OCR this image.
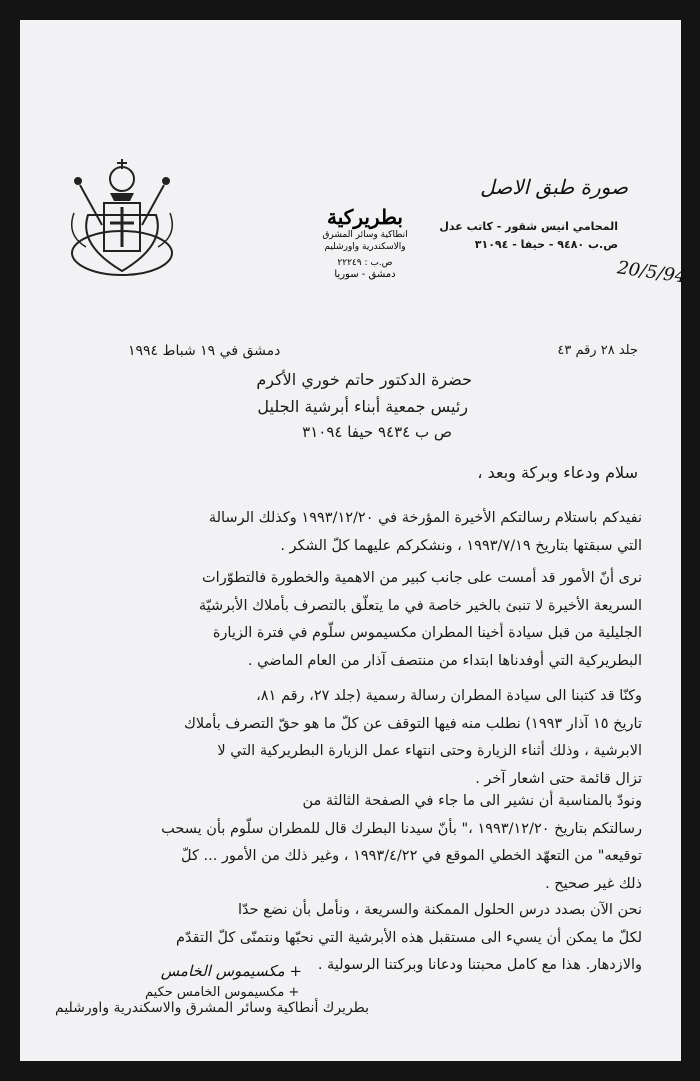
صورة طبق الاصل
20/5/94
المحامي انيس شقور - كاتب عدل
ص.ب ٩٤٨٠ - حيفا - ٣١٠٩٤
بطريركية
انطاكية وسائر المشرق
والاسكندرية واورشليم
ص.ب : ٢٢٢٤٩
دمشق - سوريا
دمشق في ١٩ شباط ١٩٩٤	جلد ٢٨ رقم ٤٣
حضرة الدكتور حاتم خوري الأكرم
رئيس جمعية أبناء أبرشية الجليل
ص ب ٩٤٣٤ حيفا ٣١٠٩٤
سلام ودعاء وبركة وبعد ،
نفيدكم باستلام رسالتكم الأخيرة المؤرخة في ١٩٩٣/١٢/٢٠ وكذلك الرسالة
التي سبقتها بتاريخ ١٩٩٣/٧/١٩ ، ونشكركم عليهما كلّ الشكر .
نرى أنّ الأمور قد أمست على جانب كبير من الاهمية والخطورة فالتطوّرات
السريعة الأخيرة لا تنبئ بالخير خاصة في ما يتعلّق بالتصرف بأملاك الأبرشيّة
الجليلية من قبل سيادة أخينا المطران مكسيموس سلّوم في فترة الزيارة
البطريركية التي أوفدناها ابتداء من منتصف آذار من العام الماضي .
وكنّا قد كتبنا الى سيادة المطران رسالة رسمية (جلد ٢٧، رقم ٨١،
تاريخ ١٥ آذار ١٩٩٣) نطلب منه فيها التوقف عن كلّ ما هو حقّ التصرف بأملاك
الابرشية ، وذلك أثناء الزيارة وحتى انتهاء عمل الزيارة البطريركية التي لا
تزال قائمة حتى اشعار آخر .
ونودّ بالمناسبة أن نشير الى ما جاء في الصفحة الثالثة من
رسالتكم بتاريخ ١٩٩٣/١٢/٢٠ ،" بأنّ سيدنا البطرك قال للمطران سلّوم بأن يسحب
توقيعه" من التعهّد الخطي الموقع في ١٩٩٣/٤/٢٢ ، وغير ذلك من الأمور ... كلّ
ذلك غير صحيح .
نحن الآن بصدد درس الحلول الممكنة والسريعة ، ونأمل بأن نضع حدّا
لكلّ ما يمكن أن يسيء الى مستقبل هذه الأبرشية التي نحبّها ونتمنّى كلّ التقدّم
والازدهار. هذا مع كامل محبتنا ودعانا وبركتنا الرسولية .
+ مكسيموس الخامس
+ مكسيموس الخامس حكيم
بطريرك أنطاكية وسائر المشرق والاسكندرية واورشليم
